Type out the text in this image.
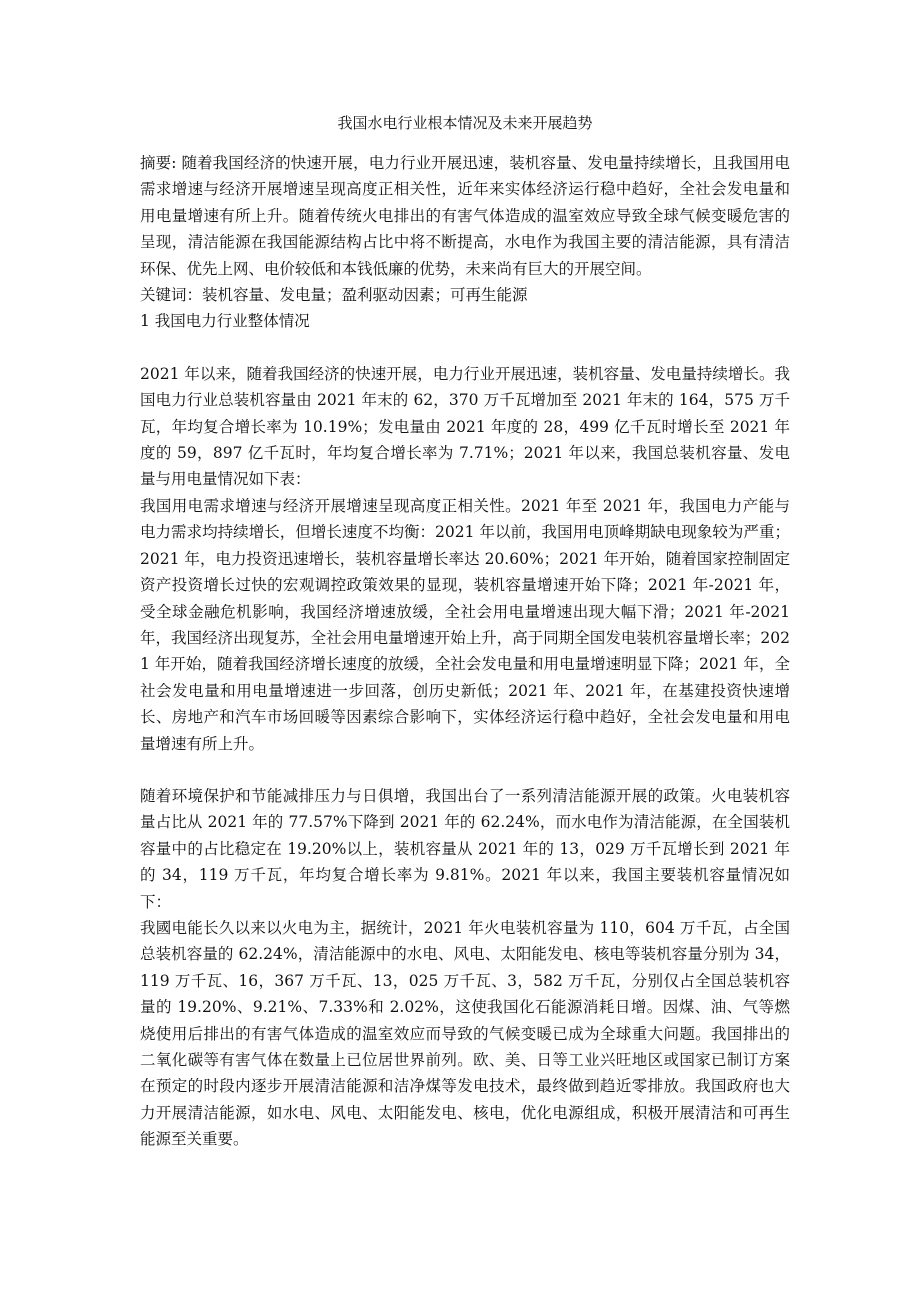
我国水电行业根本情况及未来开展趋势

摘要: 随着我国经济的快速开展，电力行业开展迅速，装机容量、发电量持续增长，且我国用电需求增速与经济开展增速呈现高度正相关性，近年来实体经济运行稳中趋好，全社会发电量和用电量增速有所上升。随着传统火电排出的有害气体造成的温室效应导致全球气候变暖危害的呈现，清洁能源在我国能源结构占比中将不断提高，水电作为我国主要的清洁能源，具有清洁环保、优先上网、电价较低和本钱低廉的优势，未来尚有巨大的开展空间。

关键词：装机容量、发电量；盈利驱动因素；可再生能源

1 我国电力行业整体情况

2021 年以来，随着我国经济的快速开展，电力行业开展迅速，装机容量、发电量持续增长。我国电力行业总装机容量由 2021 年末的 62，370 万千瓦增加至 2021 年末的 164，575 万千瓦，年均复合增长率为 10.19%；发电量由 2021 年度的 28，499 亿千瓦时增长至 2021 年度的 59，897 亿千瓦时，年均复合增长率为 7.71%；2021 年以来，我国总装机容量、发电量与用电量情况如下表：

我国用电需求增速与经济开展增速呈现高度正相关性。2021 年至 2021 年，我国电力产能与电力需求均持续增长，但增长速度不均衡：2021 年以前，我国用电顶峰期缺电现象较为严重；2021 年，电力投资迅速增长，装机容量增长率达 20.60%；2021 年开始，随着国家控制固定资产投资增长过快的宏观调控政策效果的显现，装机容量增速开始下降；2021 年-2021 年，受全球金融危机影响，我国经济增速放缓，全社会用电量增速出现大幅下滑；2021 年-2021 年，我国经济出现复苏，全社会用电量增速开始上升，高于同期全国发电装机容量增长率；2021 年开始，随着我国经济增长速度的放缓，全社会发电量和用电量增速明显下降；2021 年，全社会发电量和用电量增速进一步回落，创历史新低；2021 年、2021 年，在基建投资快速增长、房地产和汽车市场回暖等因素综合影响下，实体经济运行稳中趋好，全社会发电量和用电量增速有所上升。

随着环境保护和节能减排压力与日俱增，我国出台了一系列清洁能源开展的政策。火电装机容量占比从 2021 年的 77.57%下降到 2021 年的 62.24%，而水电作为清洁能源，在全国装机容量中的占比稳定在 19.20%以上，装机容量从 2021 年的 13，029 万千瓦增长到 2021 年的 34，119 万千瓦，年均复合增长率为 9.81%。2021 年以来，我国主要装机容量情况如下：

我國电能长久以来以火电为主，据统计，2021 年火电装机容量为 110，604 万千瓦，占全国总装机容量的 62.24%，清洁能源中的水电、风电、太阳能发电、核电等装机容量分别为 34，119 万千瓦、16，367 万千瓦、13，025 万千瓦、3，582 万千瓦，分别仅占全国总装机容量的 19.20%、9.21%、7.33%和 2.02%，这使我国化石能源消耗日增。因煤、油、气等燃烧使用后排出的有害气体造成的温室效应而导致的气候变暖已成为全球重大问题。我国排出的二氧化碳等有害气体在数量上已位居世界前列。欧、美、日等工业兴旺地区或国家已制订方案在预定的时段内逐步开展清洁能源和洁净煤等发电技术，最终做到趋近零排放。我国政府也大力开展清洁能源，如水电、风电、太阳能发电、核电，优化电源组成，积极开展清洁和可再生能源至关重要。
